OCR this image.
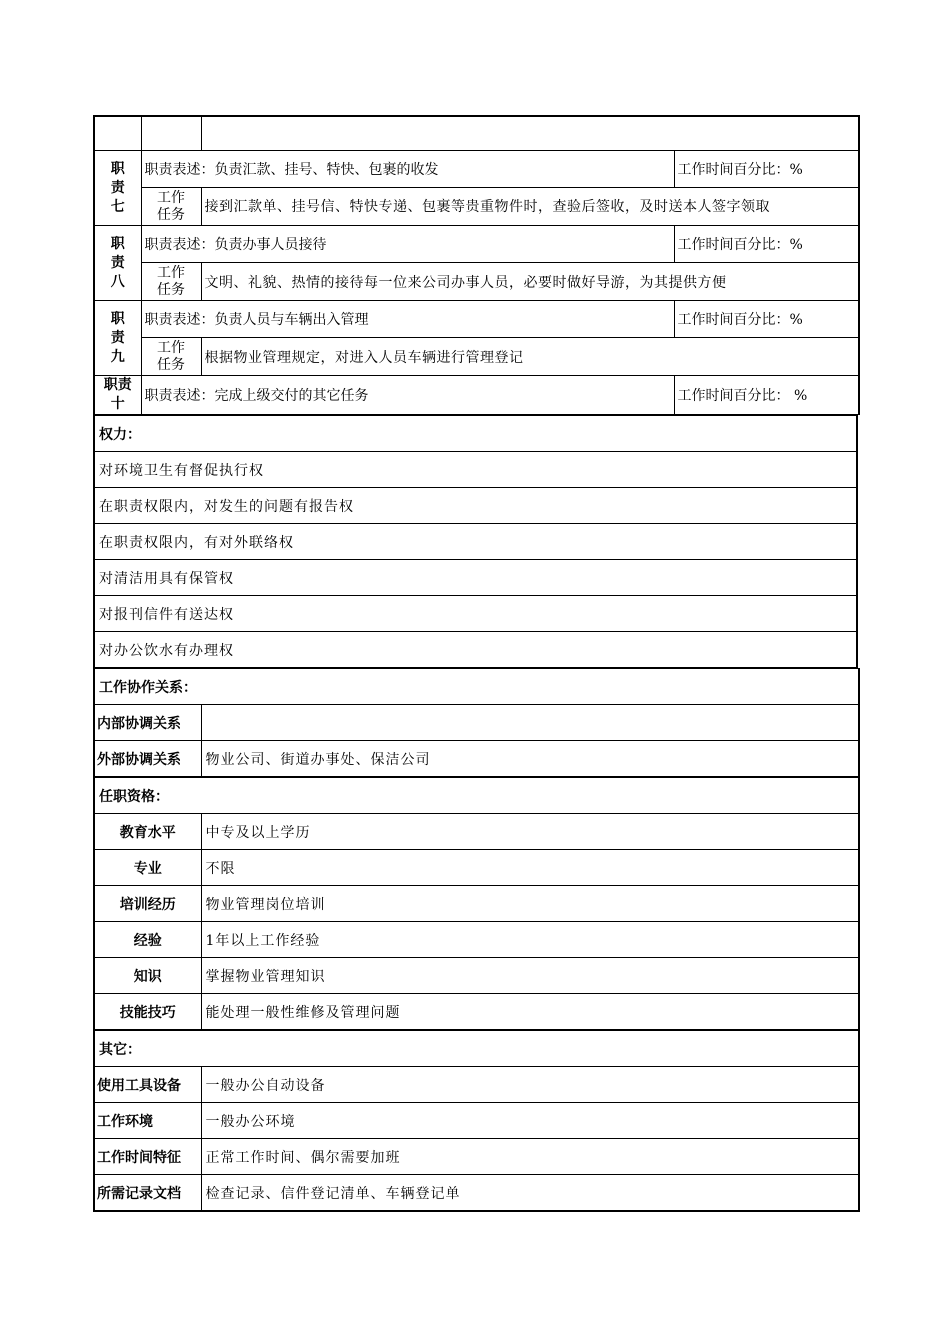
职
责
七	职责表述：负责汇款、挂号、特快、包裹的收发		工作时间百分比：%

	工作
任务	接到汇款单、挂号信、特快专递、包裹等贵重物件时，查验后签收，及时送本人签字领取	

职
责
八	职责表述：负责办事人员接待		工作时间百分比：%

	工作
任务	文明、礼貌、热情的接待每一位来公司办事人员，必要时做好导游，为其提供方便	

职
责
九	职责表述：负责人员与车辆出入管理		工作时间百分比：%

	工作
任务	根据物业管理规定，对进入人员车辆进行管理登记	

职责
十	职责表述：完成上级交付的其它任务		工作时间百分比： %
权力：
对环境卫生有督促执行权
在职责权限内，对发生的问题有报告权
在职责权限内，有对外联络权
对清洁用具有保管权
对报刊信件有送达权
对办公饮水有办理权
工作协作关系：	
内部协调关系	
外部协调关系	物业公司、街道办事处、保洁公司
任职资格：	
教育水平	中专及以上学历
专业	不限
培训经历	物业管理岗位培训
经验	1年以上工作经验
知识	掌握物业管理知识
技能技巧	能处理一般性维修及管理问题
其它：	
使用工具设备	一般办公自动设备
工作环境	一般办公环境
工作时间特征	正常工作时间、偶尔需要加班
所需记录文档	检查记录、信件登记清单、车辆登记单
